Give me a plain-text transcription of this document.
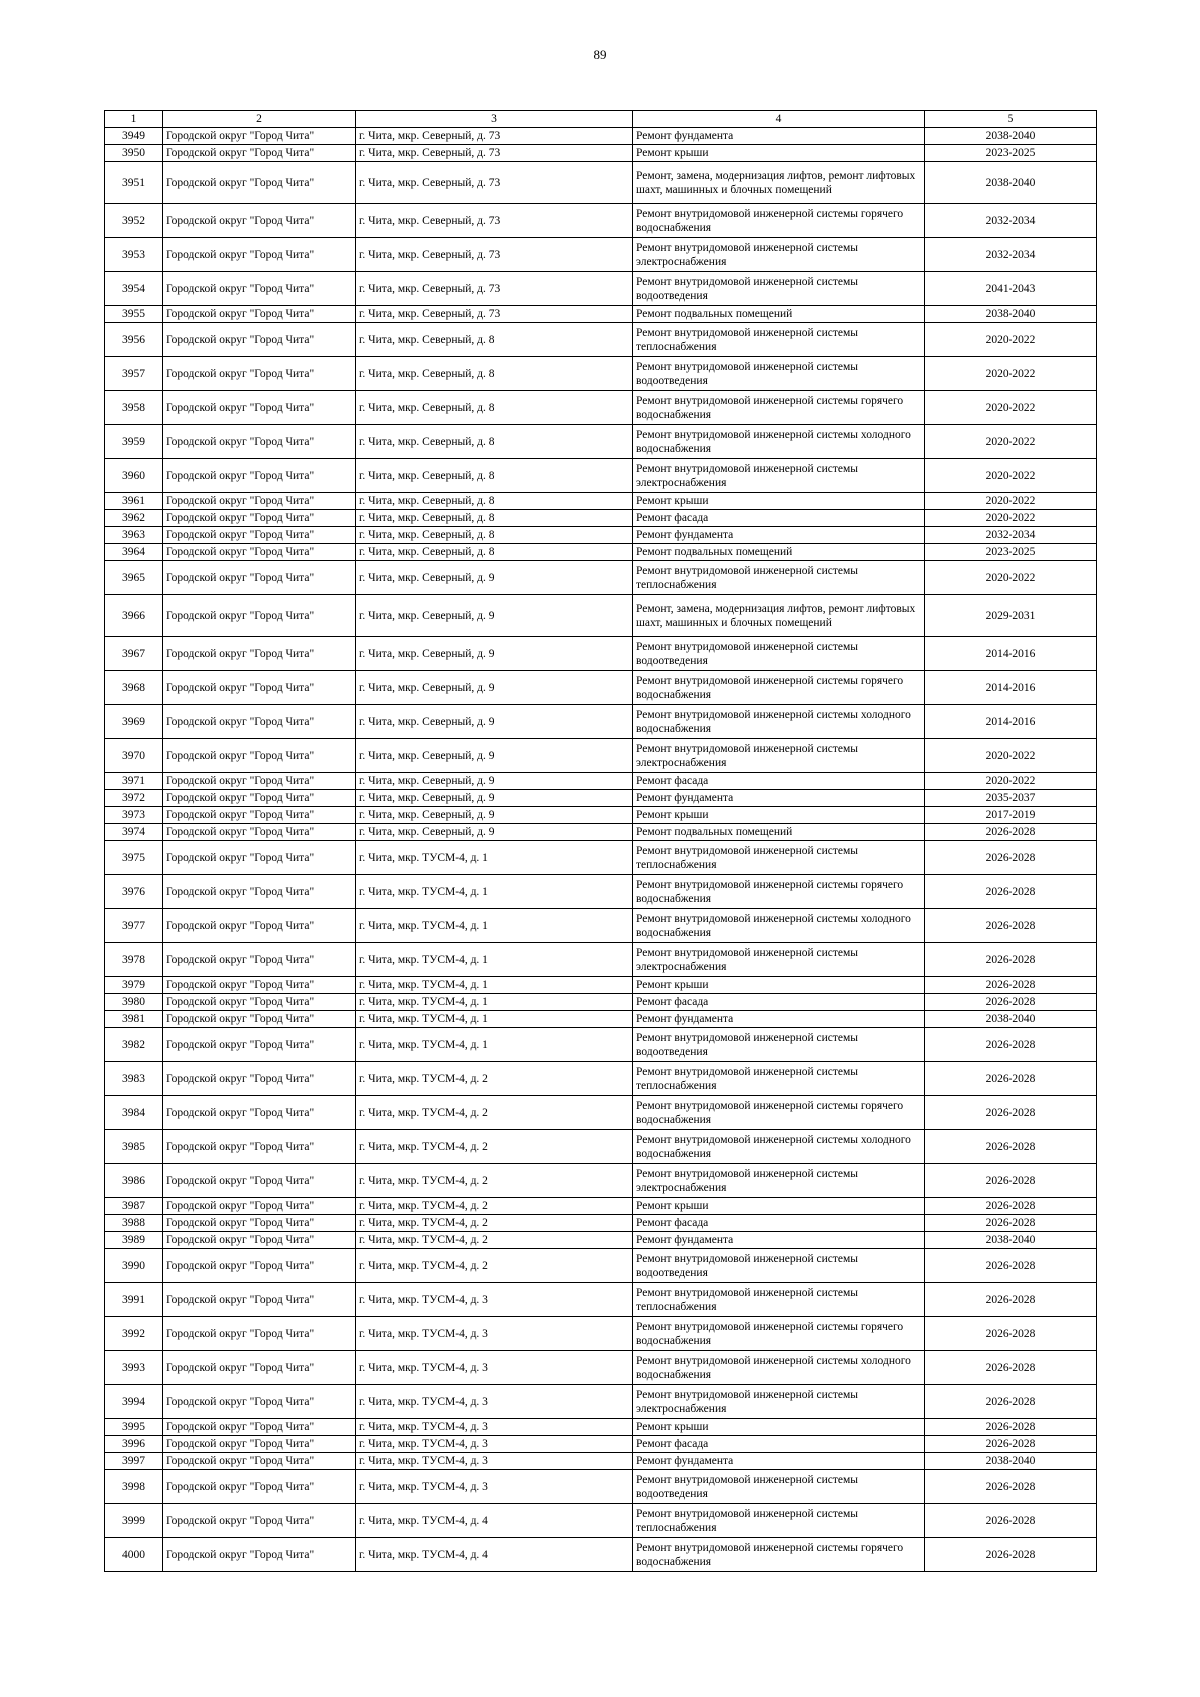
89
1	2	3	4	5
3949	Городской округ "Город Чита"	г. Чита, мкр. Северный, д. 73	Ремонт фундамента	2038-2040
3950	Городской округ "Город Чита"	г. Чита, мкр. Северный, д. 73	Ремонт крыши	2023-2025
3951	Городской округ "Город Чита"	г. Чита, мкр. Северный, д. 73	Ремонт, замена, модернизация лифтов, ремонт лифтовых шахт, машинных и блочных помещений	2038-2040
3952	Городской округ "Город Чита"	г. Чита, мкр. Северный, д. 73	Ремонт внутридомовой инженерной системы горячего водоснабжения	2032-2034
3953	Городской округ "Город Чита"	г. Чита, мкр. Северный, д. 73	Ремонт внутридомовой инженерной системы электроснабжения	2032-2034
3954	Городской округ "Город Чита"	г. Чита, мкр. Северный, д. 73	Ремонт внутридомовой инженерной системы водоотведения	2041-2043
3955	Городской округ "Город Чита"	г. Чита, мкр. Северный, д. 73	Ремонт подвальных помещений	2038-2040
3956	Городской округ "Город Чита"	г. Чита, мкр. Северный, д. 8	Ремонт внутридомовой инженерной системы теплоснабжения	2020-2022
3957	Городской округ "Город Чита"	г. Чита, мкр. Северный, д. 8	Ремонт внутридомовой инженерной системы водоотведения	2020-2022
3958	Городской округ "Город Чита"	г. Чита, мкр. Северный, д. 8	Ремонт внутридомовой инженерной системы горячего водоснабжения	2020-2022
3959	Городской округ "Город Чита"	г. Чита, мкр. Северный, д. 8	Ремонт внутридомовой инженерной системы холодного водоснабжения	2020-2022
3960	Городской округ "Город Чита"	г. Чита, мкр. Северный, д. 8	Ремонт внутридомовой инженерной системы электроснабжения	2020-2022
3961	Городской округ "Город Чита"	г. Чита, мкр. Северный, д. 8	Ремонт крыши	2020-2022
3962	Городской округ "Город Чита"	г. Чита, мкр. Северный, д. 8	Ремонт фасада	2020-2022
3963	Городской округ "Город Чита"	г. Чита, мкр. Северный, д. 8	Ремонт фундамента	2032-2034
3964	Городской округ "Город Чита"	г. Чита, мкр. Северный, д. 8	Ремонт подвальных помещений	2023-2025
3965	Городской округ "Город Чита"	г. Чита, мкр. Северный, д. 9	Ремонт внутридомовой инженерной системы теплоснабжения	2020-2022
3966	Городской округ "Город Чита"	г. Чита, мкр. Северный, д. 9	Ремонт, замена, модернизация лифтов, ремонт лифтовых шахт, машинных и блочных помещений	2029-2031
3967	Городской округ "Город Чита"	г. Чита, мкр. Северный, д. 9	Ремонт внутридомовой инженерной системы водоотведения	2014-2016
3968	Городской округ "Город Чита"	г. Чита, мкр. Северный, д. 9	Ремонт внутридомовой инженерной системы горячего водоснабжения	2014-2016
3969	Городской округ "Город Чита"	г. Чита, мкр. Северный, д. 9	Ремонт внутридомовой инженерной системы холодного водоснабжения	2014-2016
3970	Городской округ "Город Чита"	г. Чита, мкр. Северный, д. 9	Ремонт внутридомовой инженерной системы электроснабжения	2020-2022
3971	Городской округ "Город Чита"	г. Чита, мкр. Северный, д. 9	Ремонт фасада	2020-2022
3972	Городской округ "Город Чита"	г. Чита, мкр. Северный, д. 9	Ремонт фундамента	2035-2037
3973	Городской округ "Город Чита"	г. Чита, мкр. Северный, д. 9	Ремонт крыши	2017-2019
3974	Городской округ "Город Чита"	г. Чита, мкр. Северный, д. 9	Ремонт подвальных помещений	2026-2028
3975	Городской округ "Город Чита"	г. Чита, мкр. ТУСМ-4, д. 1	Ремонт внутридомовой инженерной системы теплоснабжения	2026-2028
3976	Городской округ "Город Чита"	г. Чита, мкр. ТУСМ-4, д. 1	Ремонт внутридомовой инженерной системы горячего водоснабжения	2026-2028
3977	Городской округ "Город Чита"	г. Чита, мкр. ТУСМ-4, д. 1	Ремонт внутридомовой инженерной системы холодного водоснабжения	2026-2028
3978	Городской округ "Город Чита"	г. Чита, мкр. ТУСМ-4, д. 1	Ремонт внутридомовой инженерной системы электроснабжения	2026-2028
3979	Городской округ "Город Чита"	г. Чита, мкр. ТУСМ-4, д. 1	Ремонт крыши	2026-2028
3980	Городской округ "Город Чита"	г. Чита, мкр. ТУСМ-4, д. 1	Ремонт фасада	2026-2028
3981	Городской округ "Город Чита"	г. Чита, мкр. ТУСМ-4, д. 1	Ремонт фундамента	2038-2040
3982	Городской округ "Город Чита"	г. Чита, мкр. ТУСМ-4, д. 1	Ремонт внутридомовой инженерной системы водоотведения	2026-2028
3983	Городской округ "Город Чита"	г. Чита, мкр. ТУСМ-4, д. 2	Ремонт внутридомовой инженерной системы теплоснабжения	2026-2028
3984	Городской округ "Город Чита"	г. Чита, мкр. ТУСМ-4, д. 2	Ремонт внутридомовой инженерной системы горячего водоснабжения	2026-2028
3985	Городской округ "Город Чита"	г. Чита, мкр. ТУСМ-4, д. 2	Ремонт внутридомовой инженерной системы холодного водоснабжения	2026-2028
3986	Городской округ "Город Чита"	г. Чита, мкр. ТУСМ-4, д. 2	Ремонт внутридомовой инженерной системы электроснабжения	2026-2028
3987	Городской округ "Город Чита"	г. Чита, мкр. ТУСМ-4, д. 2	Ремонт крыши	2026-2028
3988	Городской округ "Город Чита"	г. Чита, мкр. ТУСМ-4, д. 2	Ремонт фасада	2026-2028
3989	Городской округ "Город Чита"	г. Чита, мкр. ТУСМ-4, д. 2	Ремонт фундамента	2038-2040
3990	Городской округ "Город Чита"	г. Чита, мкр. ТУСМ-4, д. 2	Ремонт внутридомовой инженерной системы водоотведения	2026-2028
3991	Городской округ "Город Чита"	г. Чита, мкр. ТУСМ-4, д. 3	Ремонт внутридомовой инженерной системы теплоснабжения	2026-2028
3992	Городской округ "Город Чита"	г. Чита, мкр. ТУСМ-4, д. 3	Ремонт внутридомовой инженерной системы горячего водоснабжения	2026-2028
3993	Городской округ "Город Чита"	г. Чита, мкр. ТУСМ-4, д. 3	Ремонт внутридомовой инженерной системы холодного водоснабжения	2026-2028
3994	Городской округ "Город Чита"	г. Чита, мкр. ТУСМ-4, д. 3	Ремонт внутридомовой инженерной системы электроснабжения	2026-2028
3995	Городской округ "Город Чита"	г. Чита, мкр. ТУСМ-4, д. 3	Ремонт крыши	2026-2028
3996	Городской округ "Город Чита"	г. Чита, мкр. ТУСМ-4, д. 3	Ремонт фасада	2026-2028
3997	Городской округ "Город Чита"	г. Чита, мкр. ТУСМ-4, д. 3	Ремонт фундамента	2038-2040
3998	Городской округ "Город Чита"	г. Чита, мкр. ТУСМ-4, д. 3	Ремонт внутридомовой инженерной системы водоотведения	2026-2028
3999	Городской округ "Город Чита"	г. Чита, мкр. ТУСМ-4, д. 4	Ремонт внутридомовой инженерной системы теплоснабжения	2026-2028
4000	Городской округ "Город Чита"	г. Чита, мкр. ТУСМ-4, д. 4	Ремонт внутридомовой инженерной системы горячего водоснабжения	2026-2028
